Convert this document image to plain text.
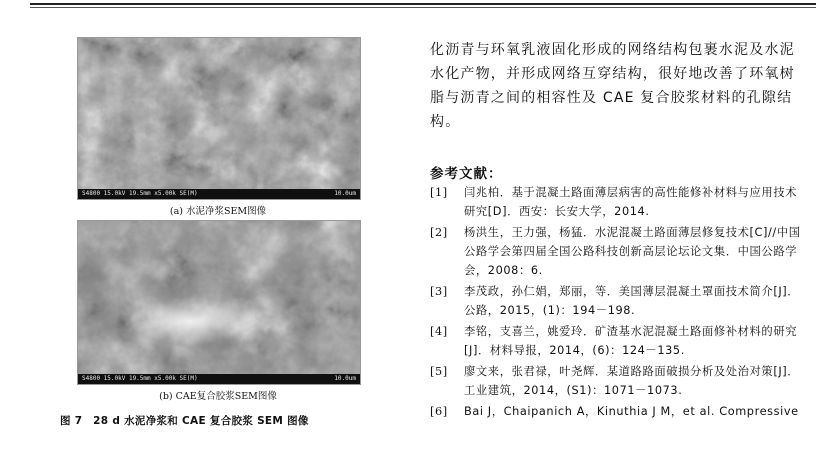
S4800 15.0kV 19.5mm x5.00k SE(M)	10.0um
(a) 水泥净浆SEM图像
S4800 15.0kV 19.5mm x5.00k SE(M)	10.0um
(b) CAE复合胶浆SEM图像
图 7　28 d 水泥净浆和 CAE 复合胶浆 SEM 图像

化沥青与环氧乳液固化形成的网络结构包裹水泥及水泥水化产物，并形成网络互穿结构，很好地改善了环氧树脂与沥青之间的相容性及 CAE 复合胶浆材料的孔隙结构。

参考文献：
[1] 闫兆柏．基于混凝土路面薄层病害的高性能修补材料与应用技术研究[D]．西安：长安大学，2014.
[2] 杨洪生，王力强，杨猛．水泥混凝土路面薄层修复技术[C]//中国公路学会第四届全国公路科技创新高层论坛论文集．中国公路学会，2008：6.
[3] 李茂政，孙仁娟，郑丽，等．美国薄层混凝土罩面技术简介[J]．公路，2015，(1)：194－198.
[4] 李铭，支喜兰，姚爱玲．矿渣基水泥混凝土路面修补材料的研究[J]．材料导报，2014，(6)：124－135.
[5] 廖文来，张君禄，叶尧辉．某道路路面破损分析及处治对策[J]．工业建筑，2014，(S1)：1071－1073.
[6] Bai J，Chaipanich A，Kinuthia J M，et al. Compressive
